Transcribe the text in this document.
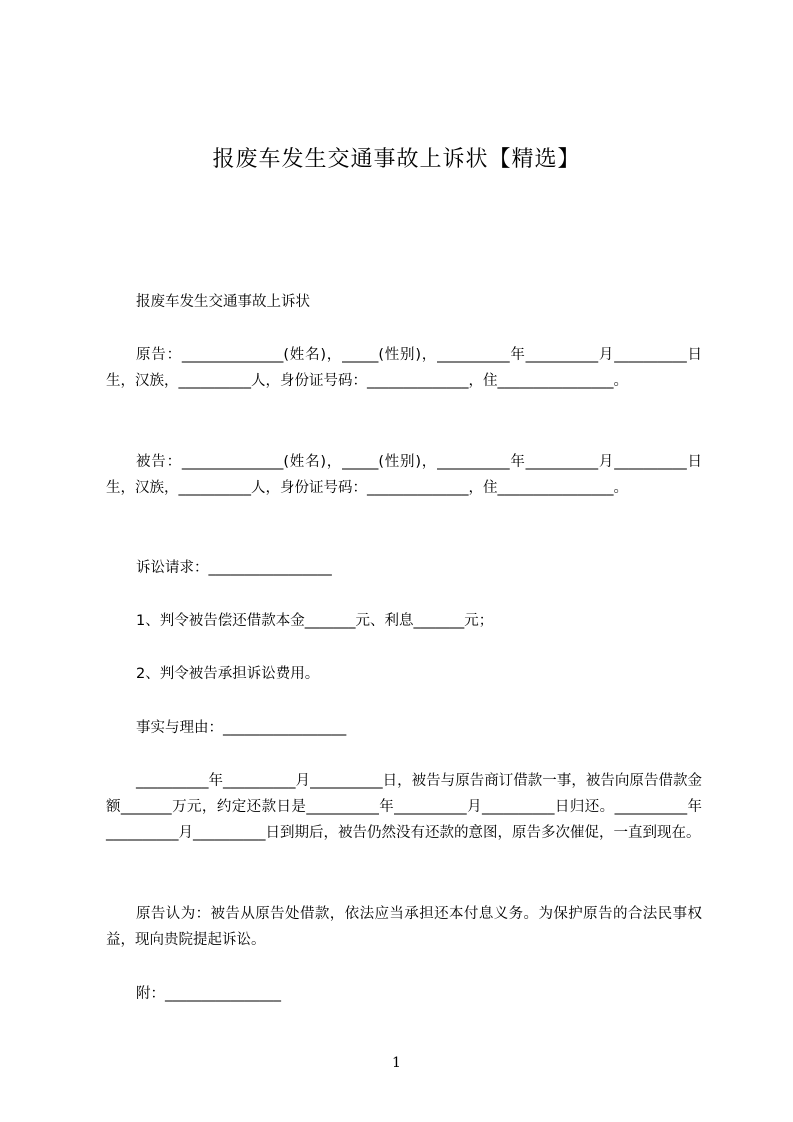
报废车发生交通事故上诉状【精选】

报废车发生交通事故上诉状

原告：______________(姓名)，_____(性别)，__________年__________月__________日生，汉族，__________人，身份证号码：______________，住________________。

被告：______________(姓名)，_____(性别)，__________年__________月__________日生，汉族，__________人，身份证号码：______________，住________________。

诉讼请求：_________________

1、判令被告偿还借款本金_______元、利息_______元；

2、判令被告承担诉讼费用。

事实与理由：_________________

__________年__________月__________日，被告与原告商订借款一事，被告向原告借款金额_______万元，约定还款日是__________年__________月__________日归还。__________年__________月__________日到期后，被告仍然没有还款的意图，原告多次催促，一直到现在。

原告认为：被告从原告处借款，依法应当承担还本付息义务。为保护原告的合法民事权益，现向贵院提起诉讼。

附：________________

1
